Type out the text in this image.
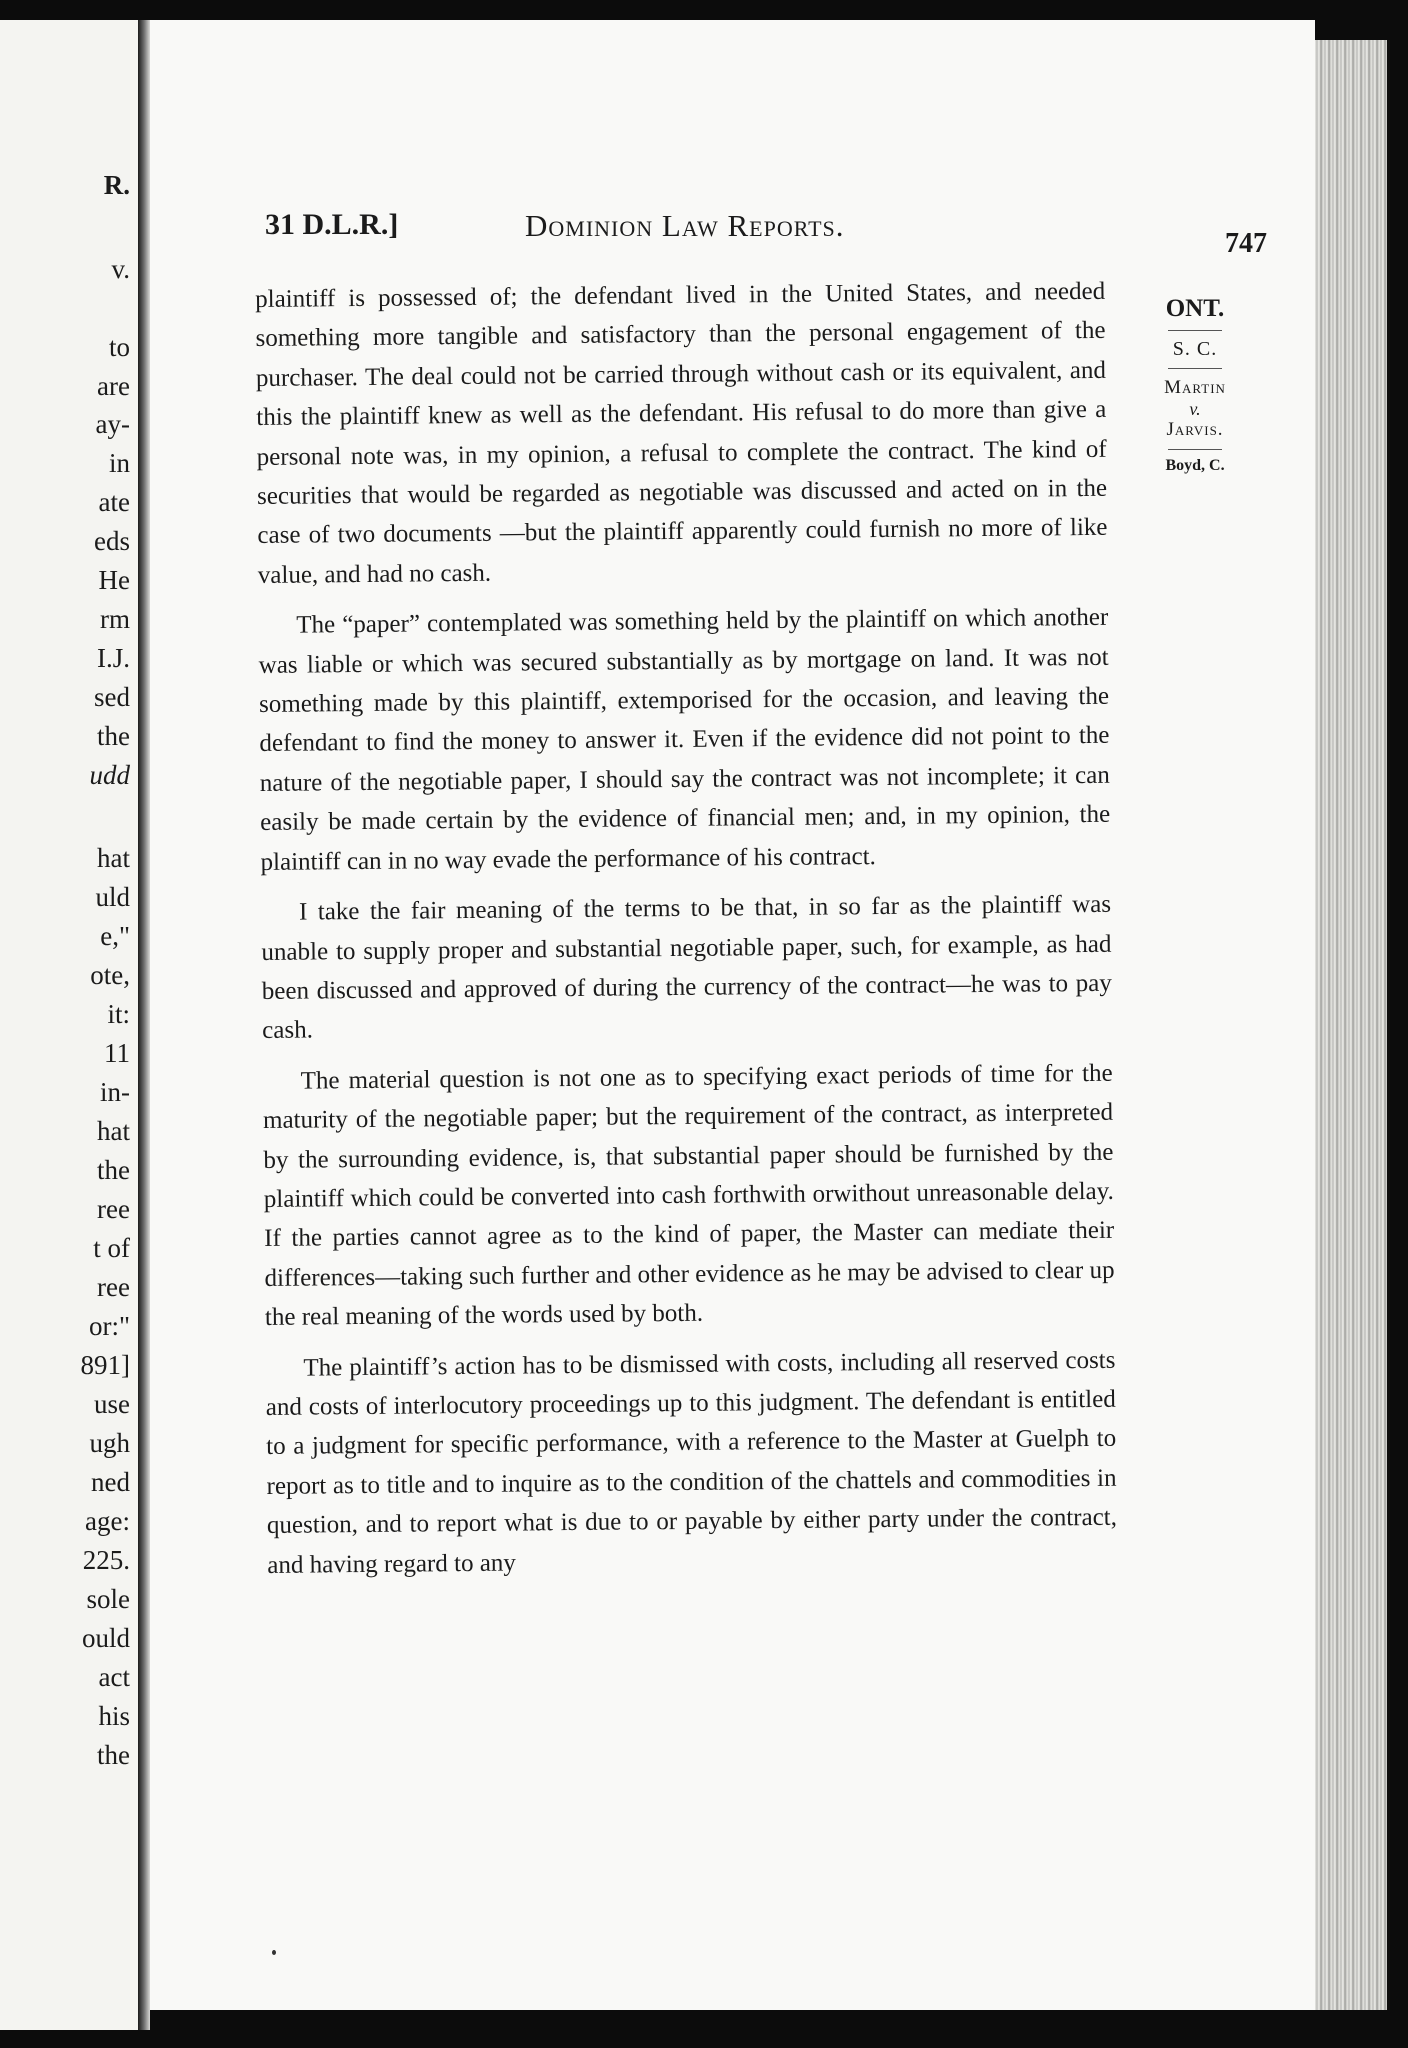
R.
v.
to
are
ay-
in
ate
eds
He
rm
I.J.
sed
the
udd
hat
uld
e,"
ote,
it:
11
in-
hat
the
ree
t of
ree
or:"
891]
use
ugh
ned
age:
225.
sole
ould
act
his
the
31 D.L.R.]	Dominion Law Reports.
747
ONT.
S. C.
Martin
v.
Jarvis.
Boyd, C.

plaintiff is possessed of; the defendant lived in the United States, and needed something more tangible and satisfactory than the personal engagement of the purchaser. The deal could not be carried through without cash or its equivalent, and this the plaintiff knew as well as the defendant. His refusal to do more than give a personal note was, in my opinion, a refusal to complete the contract. The kind of securities that would be regarded as negotiable was discussed and acted on in the case of two documents —but the plaintiff apparently could furnish no more of like value, and had no cash.

The “paper” contemplated was something held by the plaintiff on which another was liable or which was secured substantially as by mortgage on land. It was not something made by this plaintiff, extemporised for the occasion, and leaving the defendant to find the money to answer it. Even if the evidence did not point to the nature of the negotiable paper, I should say the contract was not incomplete; it can easily be made certain by the evidence of financial men; and, in my opinion, the plaintiff can in no way evade the performance of his contract.

I take the fair meaning of the terms to be that, in so far as the plaintiff was unable to supply proper and substantial negotiable paper, such, for example, as had been discussed and approved of during the currency of the contract—he was to pay cash.

The material question is not one as to specifying exact periods of time for the maturity of the negotiable paper; but the requirement of the contract, as interpreted by the surrounding evidence, is, that substantial paper should be furnished by the plaintiff which could be converted into cash forthwith orwithout unreasonable delay. If the parties cannot agree as to the kind of paper, the Master can mediate their differences—taking such further and other evidence as he may be advised to clear up the real meaning of the words used by both.

The plaintiff’s action has to be dismissed with costs, including all reserved costs and costs of interlocutory proceedings up to this judgment. The defendant is entitled to a judgment for specific performance, with a reference to the Master at Guelph to report as to title and to inquire as to the condition of the chattels and commodities in question, and to report what is due to or payable by either party under the contract, and having regard to any
